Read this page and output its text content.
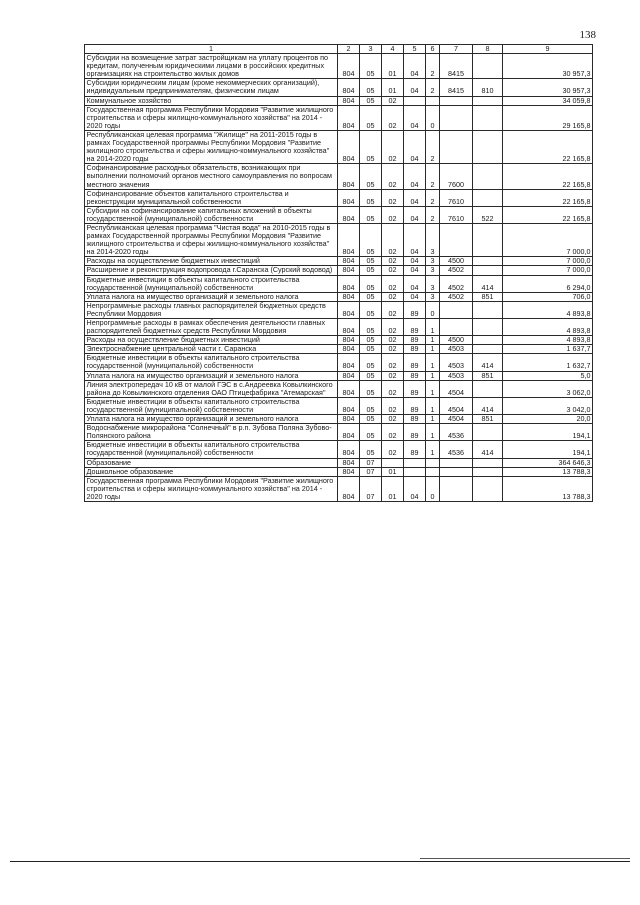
138
1	2	3	4	5	6	7	8	9
Субсидии на возмещение затрат застройщикам на уплату процентов по кредитам, полученным юридическими лицами в российских кредитных организациях на строительство жилых домов	804	05	01	04	2	8415		30 957,3
Субсидии юридическим лицам (кроме некоммерческих организаций), индивидуальным предпринимателям, физическим лицам	804	05	01	04	2	8415	810	30 957,3
Коммунальное хозяйство	804	05	02					34 059,8
Государственная программа Республики Мордовия "Развитие жилищного строительства и сферы жилищно-коммунального хозяйства" на 2014 - 2020 годы	804	05	02	04	0			29 165,8
Республиканская целевая программа "Жилище" на 2011-2015 годы в рамках Государственной программы Республики Мордовия "Развитие жилищного строительства и сферы жилищно-коммунального хозяйства" на 2014-2020 годы	804	05	02	04	2			22 165,8
Софинансирование расходных обязательств, возникающих при выполнении полномочий органов местного самоуправления по вопросам местного значения	804	05	02	04	2	7600		22 165,8
Софинансирование объектов капитального строительства и реконструкции муниципальной собственности	804	05	02	04	2	7610		22 165,8
Субсидии на софинансирование капитальных вложений в объекты государственной (муниципальной) собственности	804	05	02	04	2	7610	522	22 165,8
Республиканская целевая программа "Чистая вода" на 2010-2015 годы в рамках Государственной программы Республики Мордовия "Развитие жилищного строительства и сферы жилищно-коммунального хозяйства" на 2014-2020 годы	804	05	02	04	3			7 000,0
Расходы на осуществление бюджетных инвестиций	804	05	02	04	3	4500		7 000,0
Расширение и реконструкция водопровода г.Саранска (Сурский водовод)	804	05	02	04	3	4502		7 000,0
Бюджетные инвестиции в объекты капитального строительства государственной (муниципальной) собственности	804	05	02	04	3	4502	414	6 294,0
Уплата налога на имущество организаций и земельного налога	804	05	02	04	3	4502	851	706,0
Непрограммные расходы главных распорядителей бюджетных средств Республики Мордовия	804	05	02	89	0			4 893,8
Непрограммные расходы в рамках обеспечения деятельности главных распорядителей бюджетных средств Республики Мордовия	804	05	02	89	1			4 893,8
Расходы на осуществление бюджетных инвестиций	804	05	02	89	1	4500		4 893,8
Электроснабжение центральной части г. Саранска	804	05	02	89	1	4503		1 637,7
Бюджетные инвестиции в объекты капитального строительства государственной (муниципальной) собственности	804	05	02	89	1	4503	414	1 632,7
Уплата налога на имущество организаций и земельного налога	804	05	02	89	1	4503	851	5,0
Линия электропередач 10 кВ от малой ГЭС в с.Андреевка Ковылкинского района до Ковылкинского отделения ОАО Птицефабрика "Атемарская"	804	05	02	89	1	4504		3 062,0
Бюджетные инвестиции в объекты капитального строительства государственной (муниципальной) собственности	804	05	02	89	1	4504	414	3 042,0
Уплата налога на имущество организаций и земельного налога	804	05	02	89	1	4504	851	20,0
Водоснабжение микрорайона "Солнечный" в р.п. Зубова Поляна Зубово-Полянского района	804	05	02	89	1	4536		194,1
Бюджетные инвестиции в объекты капитального строительства государственной (муниципальной) собственности	804	05	02	89	1	4536	414	194,1
Образование	804	07						364 646,3
Дошкольное образование	804	07	01					13 788,3
Государственная программа Республики Мордовия "Развитие жилищного строительства и сферы жилищно-коммунального хозяйства" на 2014 - 2020 годы	804	07	01	04	0			13 788,3
